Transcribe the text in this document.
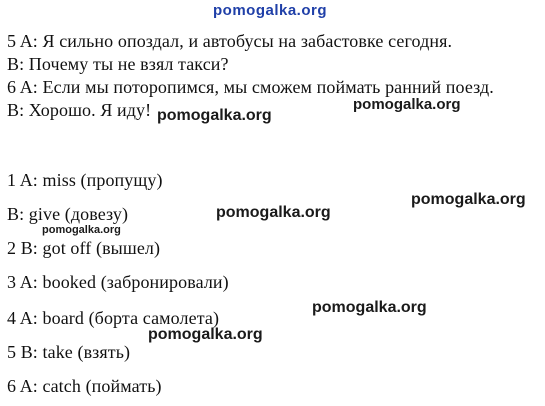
pomogalka.org
5 A: Я сильно опоздал, и автобусы на забастовке сегодня.
B: Почему ты не взял такси?
6 A: Если мы поторопимся, мы сможем поймать ранний поезд.
B: Хорошо. Я иду!	pomogalka.org
pomogalka.org
1 A: miss (пропущу)
B: give (довезу)
2 B: got off (вышел)
3 A: booked (забронировали)
4 A: board (борта самолета)
5 B: take (взять)
6 A: catch (поймать)
pomogalka.org
pomogalka.org
pomogalka.org
pomogalka.org
pomogalka.org
